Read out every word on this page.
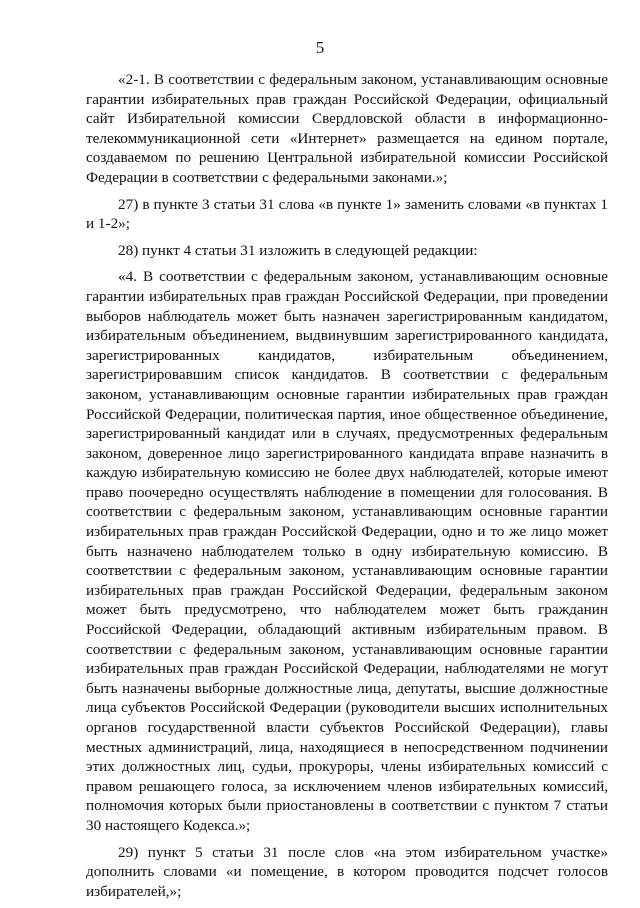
5

«2-1. В соответствии с федеральным законом, устанавливающим основные гарантии избирательных прав граждан Российской Федерации, официальный сайт Избирательной комиссии Свердловской области в информационно-телекоммуникационной сети «Интернет» размещается на едином портале, создаваемом по решению Центральной избирательной комиссии Российской Федерации в соответствии с федеральными законами.»;

27) в пункте 3 статьи 31 слова «в пункте 1» заменить словами «в пунктах 1 и 1-2»;

28) пункт 4 статьи 31 изложить в следующей редакции:

«4. В соответствии с федеральным законом, устанавливающим основные гарантии избирательных прав граждан Российской Федерации, при проведении выборов наблюдатель может быть назначен зарегистрированным кандидатом, избирательным объединением, выдвинувшим зарегистрированного кандидата, зарегистрированных кандидатов, избирательным объединением, зарегистрировавшим список кандидатов. В соответствии с федеральным законом, устанавливающим основные гарантии избирательных прав граждан Российской Федерации, политическая партия, иное общественное объединение, зарегистрированный кандидат или в случаях, предусмотренных федеральным законом, доверенное лицо зарегистрированного кандидата вправе назначить в каждую избирательную комиссию не более двух наблюдателей, которые имеют право поочередно осуществлять наблюдение в помещении для голосования. В соответствии с федеральным законом, устанавливающим основные гарантии избирательных прав граждан Российской Федерации, одно и то же лицо может быть назначено наблюдателем только в одну избирательную комиссию. В соответствии с федеральным законом, устанавливающим основные гарантии избирательных прав граждан Российской Федерации, федеральным законом может быть предусмотрено, что наблюдателем может быть гражданин Российской Федерации, обладающий активным избирательным правом. В соответствии с федеральным законом, устанавливающим основные гарантии избирательных прав граждан Российской Федерации, наблюдателями не могут быть назначены выборные должностные лица, депутаты, высшие должностные лица субъектов Российской Федерации (руководители высших исполнительных органов государственной власти субъектов Российской Федерации), главы местных администраций, лица, находящиеся в непосредственном подчинении этих должностных лиц, судьи, прокуроры, члены избирательных комиссий с правом решающего голоса, за исключением членов избирательных комиссий, полномочия которых были приостановлены в соответствии с пунктом 7 статьи 30 настоящего Кодекса.»;

29) пункт 5 статьи 31 после слов «на этом избирательном участке» дополнить словами «и помещение, в котором проводится подсчет голосов избирателей,»;
